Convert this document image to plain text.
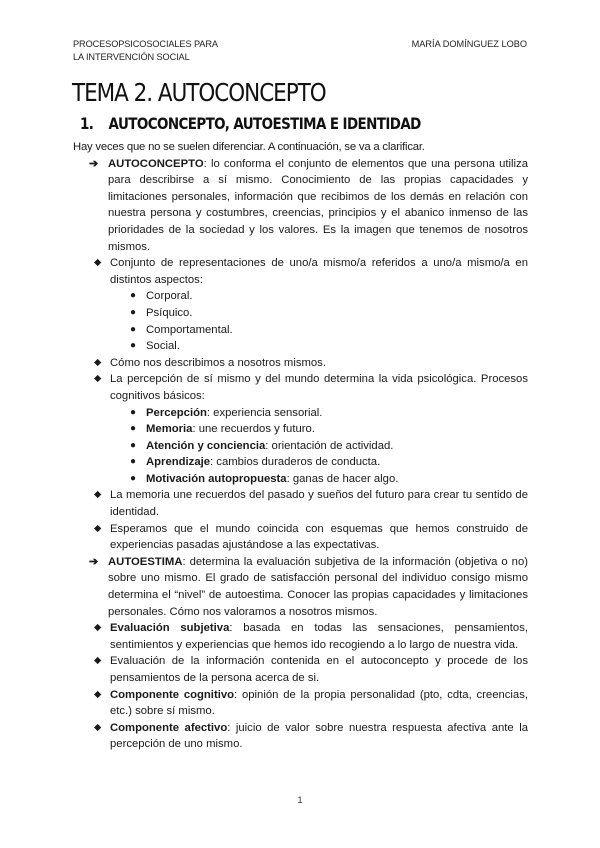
PROCESOPSICOSOCIALES PARA
LA INTERVENCIÓN SOCIAL
MARÍA DOMÍNGUEZ LOBO
TEMA 2. AUTOCONCEPTO
1. AUTOCONCEPTO, AUTOESTIMA E IDENTIDAD

Hay veces que no se suelen diferenciar. A continuación, se va a clarificar.

➔ AUTOCONCEPTO: lo conforma el conjunto de elementos que una persona utiliza para describirse a sí mismo. Conocimiento de las propias capacidades y limitaciones personales, información que recibimos de los demás en relación con nuestra persona y costumbres, creencias, principios y el abanico inmenso de las prioridades de la sociedad y los valores. Es la imagen que tenemos de nosotros mismos.

◆ Conjunto de representaciones de uno/a mismo/a referidos a uno/a mismo/a en distintos aspectos:

● Corporal.

● Psíquico.

● Comportamental.

● Social.

◆ Cómo nos describimos a nosotros mismos.

◆ La percepción de sí mismo y del mundo determina la vida psicológica. Procesos cognitivos básicos:

● Percepción: experiencia sensorial.

● Memoria: une recuerdos y futuro.

● Atención y conciencia: orientación de actividad.

● Aprendizaje: cambios duraderos de conducta.

● Motivación autopropuesta: ganas de hacer algo.

◆ La memoria une recuerdos del pasado y sueños del futuro para crear tu sentido de identidad.

◆ Esperamos que el mundo coincida con esquemas que hemos construido de experiencias pasadas ajustándose a las expectativas.

➔ AUTOESTIMA: determina la evaluación subjetiva de la información (objetiva o no) sobre uno mismo. El grado de satisfacción personal del individuo consigo mismo determina el “nivel” de autoestima. Conocer las propias capacidades y limitaciones personales. Cómo nos valoramos a nosotros mismos.

◆ Evaluación subjetiva: basada en todas las sensaciones, pensamientos, sentimientos y experiencias que hemos ido recogiendo a lo largo de nuestra vida.

◆ Evaluación de la información contenida en el autoconcepto y procede de los pensamientos de la persona acerca de si.

◆ Componente cognitivo: opinión de la propia personalidad (pto, cdta, creencias, etc.) sobre sí mismo.

◆ Componente afectivo: juicio de valor sobre nuestra respuesta afectiva ante la percepción de uno mismo.

1
